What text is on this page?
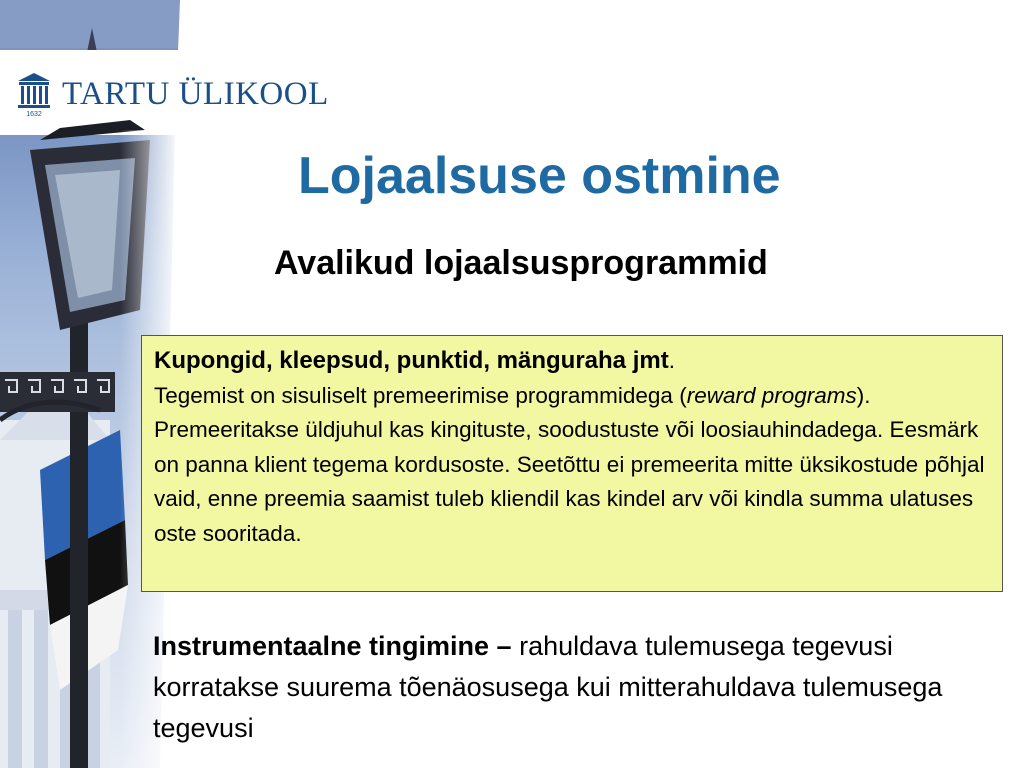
1632
TARTU ÜLIKOOL
Lojaalsuse ostmine
Avalikud lojaalsusprogrammid
Kupongid, kleepsud, punktid, mänguraha jmt.
Tegemist on sisuliselt premeerimise programmidega (reward programs). Premeeritakse üldjuhul kas kingituste, soodustuste või loosiauhindadega. Eesmärk on panna klient tegema kordusoste. Seetõttu ei premeerita mitte üksikostude põhjal vaid, enne preemia saamist tuleb kliendil kas kindel arv või kindla summa ulatuses oste sooritada.
Instrumentaalne tingimine – rahuldava tulemusega tegevusi korratakse suurema tõenäosusega kui mitterahuldava tulemusega tegevusi
